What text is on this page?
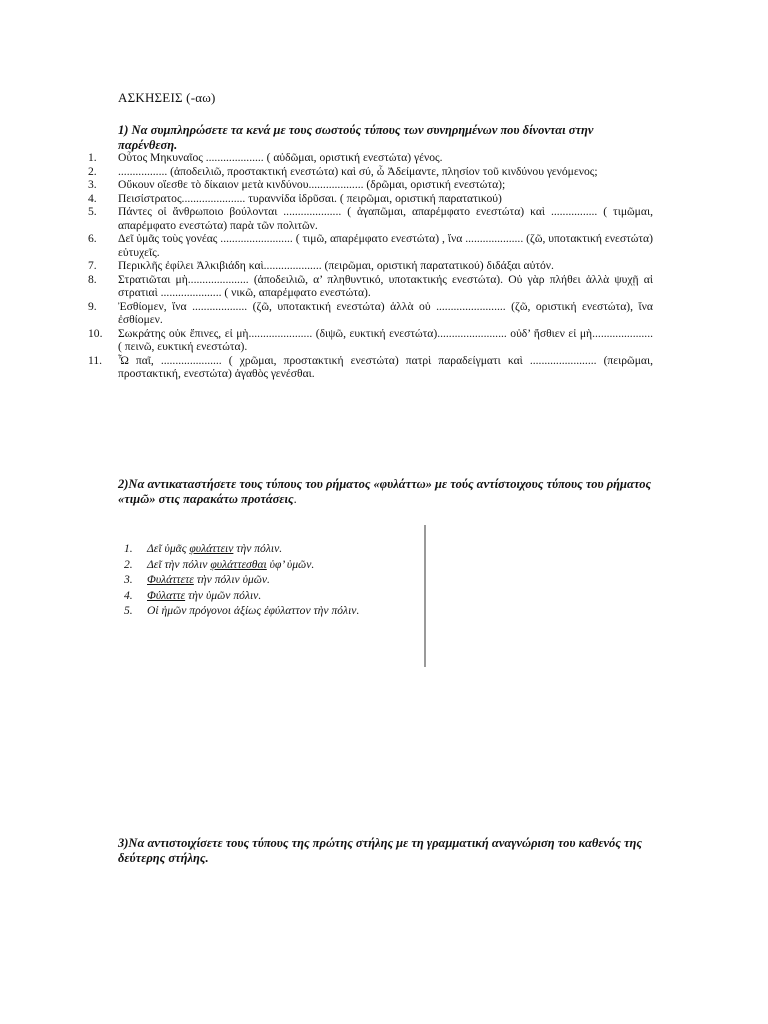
ΑΣΚΗΣΕΙΣ (-αω)
1) Να συμπληρώσετε τα κενά με τους σωστούς τύπους των συνηρημένων που δίνονται στην παρένθεση.
1.	Οὗτος Μηκυναῖος .................... ( αὐδῶμαι, οριστική ενεστώτα) γένος.
2.	................. (ἀποδειλιῶ, προστακτική ενεστώτα) καὶ σύ, ὦ Ἀδείμαντε, πλησίον τοῦ κινδύνου γενόμενος;
3.	Οὔκουν οἴεσθε τὸ δίκαιον μετὰ κινδύνου................... (δρῶμαι, οριστική ενεστώτα);
4.	Πεισίστρατος...................... τυραννίδα ἱδρῦσαι. ( πειρῶμαι, οριστική παρατατικού)
5.	Πάντες οἱ ἄνθρωποιο βούλονται .................... ( ἀγαπῶμαι, απαρέμφατο ενεστώτα) καὶ ................ ( τιμῶμαι, απαρέμφατο ενεστώτα) παρὰ τῶν πολιτῶν.
6.	Δεῖ ὑμᾶς τοὺς γονέας ......................... ( τιμῶ, απαρέμφατο ενεστώτα) , ἵνα .................... (ζῶ, υποτακτική ενεστώτα) εὐτυχεῖς.
7.	Περικλῆς ἐφίλει Ἀλκιβιάδη καὶ.................... (πειρῶμαι, οριστική παρατατικού) διδάξαι αὐτόν.
8.	Στρατιῶται μὴ..................... (ἀποδειλιῶ, α’ πληθυντικό, υποτακτικής ενεστώτα). Οὐ γὰρ πλήθει ἀλλὰ ψυχῇ αἱ στρατιαὶ ..................... ( νικῶ, απαρέμφατο ενεστώτα).
9.	Ἐσθίομεν, ἵνα ................... (ζῶ, υποτακτική ενεστώτα) ἀλλὰ οὐ ........................ (ζῶ, οριστική ενεστώτα), ἵνα ἐσθίομεν.
10.	Σωκράτης οὐκ ἔπινες, εἰ μὴ...................... (διψῶ, ευκτική ενεστώτα)........................ οὐδ’ ἤσθιεν εἰ μὴ..................... ( πεινῶ, ευκτική ενεστώτα).
11.	Ὦ παῖ, ..................... ( χρῶμαι, προστακτική ενεστώτα) πατρὶ παραδείγματι καὶ ....................... (πειρῶμαι, προστακτική, ενεστώτα) ἀγαθὸς γενέσθαι.
2)Να αντικαταστήσετε τους τύπους του ρήματος «φυλάττω» με τούς αντίστοιχους τύπους του ρήματος «τιμῶ» στις παρακάτω προτάσεις.
1.	Δεῖ ὑμᾶς φυλάττειν τὴν πόλιν.
2.	Δεῖ τὴν πόλιν φυλάττεσθαι ὑφ’ ὑμῶν.
3.	Φυλάττετε τὴν πόλιν ὑμῶν.
4.	Φύλαττε τὴν ὑμῶν πόλιν.
5.	Οἱ ἡμῶν πρόγονοι ἀξίως ἐφύλαττον τὴν πόλιν.
3)Να αντιστοιχίσετε τους τύπους της πρώτης στήλης με τη γραμματική αναγνώριση του καθενός της δεύτερης στήλης.
